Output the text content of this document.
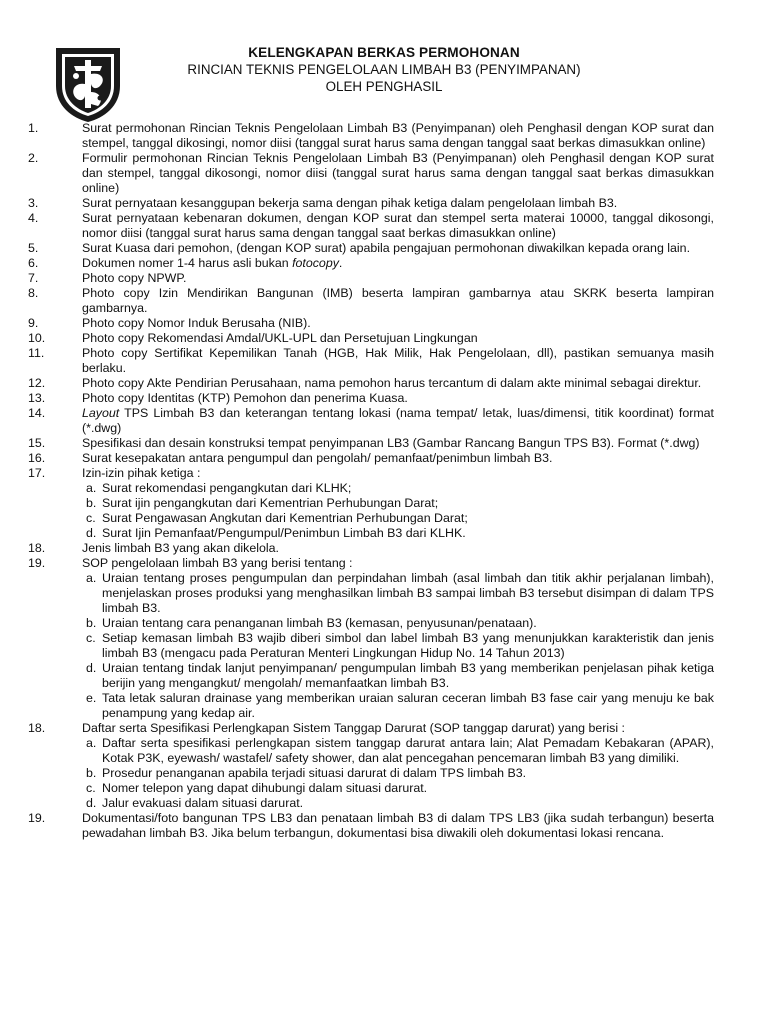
KELENGKAPAN BERKAS PERMOHONAN
RINCIAN TEKNIS PENGELOLAAN LIMBAH B3 (PENYIMPANAN)
OLEH PENGHASIL
1.	Surat permohonan Rincian Teknis Pengelolaan Limbah B3 (Penyimpanan) oleh Penghasil dengan KOP surat dan stempel, tanggal dikosingi, nomor diisi (tanggal surat harus sama dengan tanggal saat berkas dimasukkan online)
2.	Formulir permohonan Rincian Teknis Pengelolaan Limbah B3 (Penyimpanan) oleh Penghasil dengan KOP surat dan stempel, tanggal dikosongi, nomor diisi (tanggal surat harus sama dengan tanggal saat berkas dimasukkan online)
3.	Surat pernyataan kesanggupan bekerja sama dengan pihak ketiga dalam pengelolaan limbah B3.
4.	Surat pernyataan kebenaran dokumen, dengan KOP surat dan stempel serta materai 10000, tanggal dikosongi, nomor diisi (tanggal surat harus sama dengan tanggal saat berkas dimasukkan online)
5.	Surat Kuasa dari pemohon, (dengan KOP surat) apabila pengajuan permohonan diwakilkan kepada orang lain.
6.	Dokumen nomer 1-4 harus asli bukan fotocopy.
7.	Photo copy NPWP.
8.	Photo copy Izin Mendirikan Bangunan (IMB) beserta lampiran gambarnya atau SKRK beserta lampiran gambarnya.
9.	Photo copy Nomor Induk Berusaha (NIB).
10.	Photo copy Rekomendasi Amdal/UKL-UPL dan Persetujuan Lingkungan
11.	Photo copy Sertifikat Kepemilikan Tanah (HGB, Hak Milik, Hak Pengelolaan, dll), pastikan semuanya masih berlaku.
12.	Photo copy Akte Pendirian Perusahaan, nama pemohon harus tercantum di dalam akte minimal sebagai direktur.
13.	Photo copy Identitas (KTP) Pemohon dan penerima Kuasa.
14.	Layout TPS Limbah B3 dan keterangan tentang lokasi (nama tempat/ letak, luas/dimensi, titik koordinat) format (*.dwg)
15.	Spesifikasi dan desain konstruksi tempat penyimpanan LB3 (Gambar Rancang Bangun TPS B3). Format (*.dwg)
16.	Surat kesepakatan antara pengumpul dan pengolah/ pemanfaat/penimbun limbah B3.
17.	Izin-izin pihak ketiga :
a. Surat rekomendasi pengangkutan dari KLHK;
b. Surat ijin pengangkutan dari Kementrian Perhubungan Darat;
c. Surat Pengawasan Angkutan dari Kementrian Perhubungan Darat;
d. Surat Ijin Pemanfaat/Pengumpul/Penimbun Limbah B3 dari KLHK.
18.	Jenis limbah B3 yang akan dikelola.
19.	SOP pengelolaan limbah B3 yang berisi tentang :
a. Uraian tentang proses pengumpulan dan perpindahan limbah (asal limbah dan titik akhir perjalanan limbah), menjelaskan proses produksi yang menghasilkan limbah B3 sampai limbah B3 tersebut disimpan di dalam TPS limbah B3.
b. Uraian tentang cara penanganan limbah B3 (kemasan, penyusunan/penataan).
c. Setiap kemasan limbah B3 wajib diberi simbol dan label limbah B3 yang menunjukkan karakteristik dan jenis limbah B3 (mengacu pada Peraturan Menteri Lingkungan Hidup No. 14 Tahun 2013)
d. Uraian tentang tindak lanjut penyimpanan/ pengumpulan limbah B3 yang memberikan penjelasan pihak ketiga berijin yang mengangkut/ mengolah/ memanfaatkan limbah B3.
e. Tata letak saluran drainase yang memberikan uraian saluran ceceran limbah B3 fase cair yang menuju ke bak penampung yang kedap air.
18.	Daftar serta Spesifikasi Perlengkapan Sistem Tanggap Darurat (SOP tanggap darurat) yang berisi :
a. Daftar serta spesifikasi perlengkapan sistem tanggap darurat antara lain; Alat Pemadam Kebakaran (APAR), Kotak P3K, eyewash/ wastafel/ safety shower, dan alat pencegahan pencemaran limbah B3 yang dimiliki.
b. Prosedur penanganan apabila terjadi situasi darurat di dalam TPS limbah B3.
c. Nomer telepon yang dapat dihubungi dalam situasi darurat.
d. Jalur evakuasi dalam situasi darurat.
19.	Dokumentasi/foto bangunan TPS LB3 dan penataan limbah B3 di dalam TPS LB3 (jika sudah terbangun) beserta pewadahan limbah B3. Jika belum terbangun, dokumentasi bisa diwakili oleh dokumentasi lokasi rencana.
